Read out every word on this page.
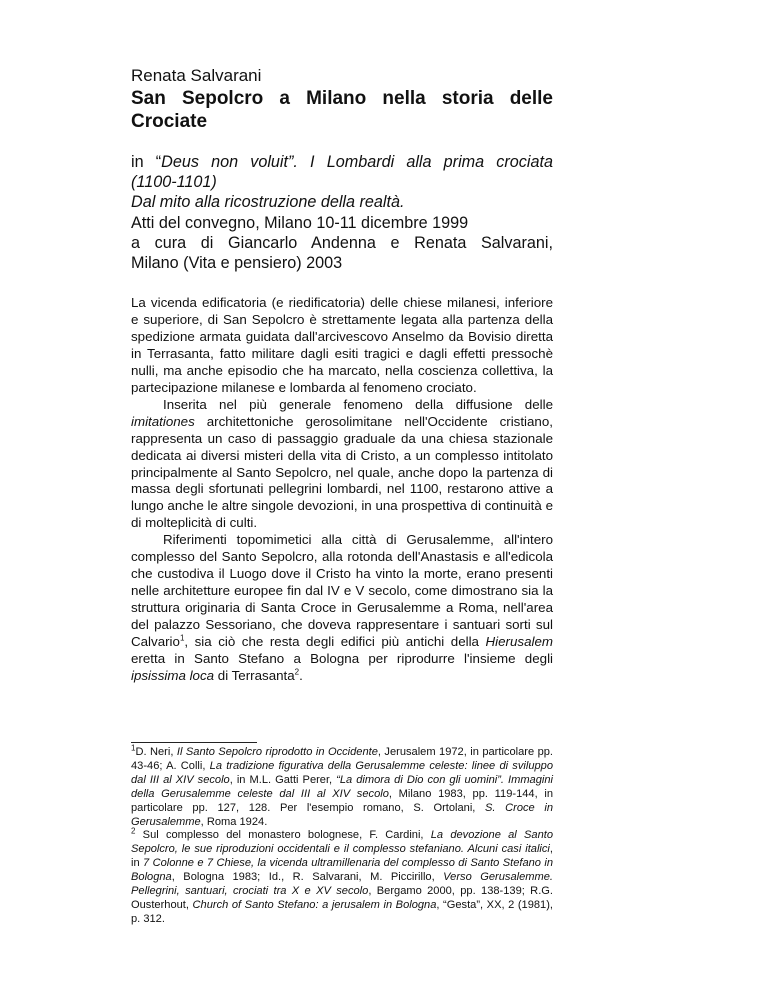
Renata Salvarani
San Sepolcro a Milano nella storia delle Crociate
in “Deus non voluit”. I Lombardi alla prima crociata
(1100-1101)
Dal mito alla ricostruzione della realtà.
Atti del convegno, Milano 10-11 dicembre 1999
a cura di Giancarlo Andenna e Renata Salvarani,
Milano (Vita e pensiero) 2003

La vicenda edificatoria (e riedificatoria) delle chiese milanesi, inferiore e superiore, di San Sepolcro è strettamente legata alla partenza della spedizione armata guidata dall'arcivescovo Anselmo da Bovisio diretta in Terrasanta, fatto militare dagli esiti tragici e dagli effetti pressochè nulli, ma anche episodio che ha marcato, nella coscienza collettiva, la partecipazione milanese e lombarda al fenomeno crociato.

Inserita nel più generale fenomeno della diffusione delle imitationes architettoniche gerosolimitane nell'Occidente cristiano, rappresenta un caso di passaggio graduale da una chiesa stazionale dedicata ai diversi misteri della vita di Cristo, a un complesso intitolato principalmente al Santo Sepolcro, nel quale, anche dopo la partenza di massa degli sfortunati pellegrini lombardi, nel 1100, restarono attive a lungo anche le altre singole devozioni, in una prospettiva di continuità e di molteplicità di culti.

Riferimenti topomimetici alla città di Gerusalemme, all'intero complesso del Santo Sepolcro, alla rotonda dell'Anastasis e all'edicola che custodiva il Luogo dove il Cristo ha vinto la morte, erano presenti nelle architetture europee fin dal IV e V secolo, come dimostrano sia la struttura originaria di Santa Croce in Gerusalemme a Roma, nell'area del palazzo Sessoriano, che doveva rappresentare i santuari sorti sul Calvario$^1$, sia ciò che resta degli edifici più antichi della Hierusalem eretta in Santo Stefano a Bologna per riprodurre l'insieme degli ipsissima loca di Terrasanta$^2$.

$^1$D. Neri, Il Santo Sepolcro riprodotto in Occidente, Jerusalem 1972, in particolare pp. 43-46; A. Colli, La tradizione figurativa della Gerusalemme celeste: linee di sviluppo dal III al XIV secolo, in M.L. Gatti Perer, “La dimora di Dio con gli uomini”. Immagini della Gerusalemme celeste dal III al XIV secolo, Milano 1983, pp. 119-144, in particolare pp. 127, 128. Per l'esempio romano, S. Ortolani, S. Croce in Gerusalemme, Roma 1924.

$^2$ Sul complesso del monastero bolognese, F. Cardini, La devozione al Santo Sepolcro, le sue riproduzioni occidentali e il complesso stefaniano. Alcuni casi italici, in 7 Colonne e 7 Chiese, la vicenda ultramillenaria del complesso di Santo Stefano in Bologna, Bologna 1983; Id., R. Salvarani, M. Piccirillo, Verso Gerusalemme. Pellegrini, santuari, crociati tra X e XV secolo, Bergamo 2000, pp. 138-139; R.G. Ousterhout, Church of Santo Stefano: a jerusalem in Bologna, “Gesta”, XX, 2 (1981), p. 312.
